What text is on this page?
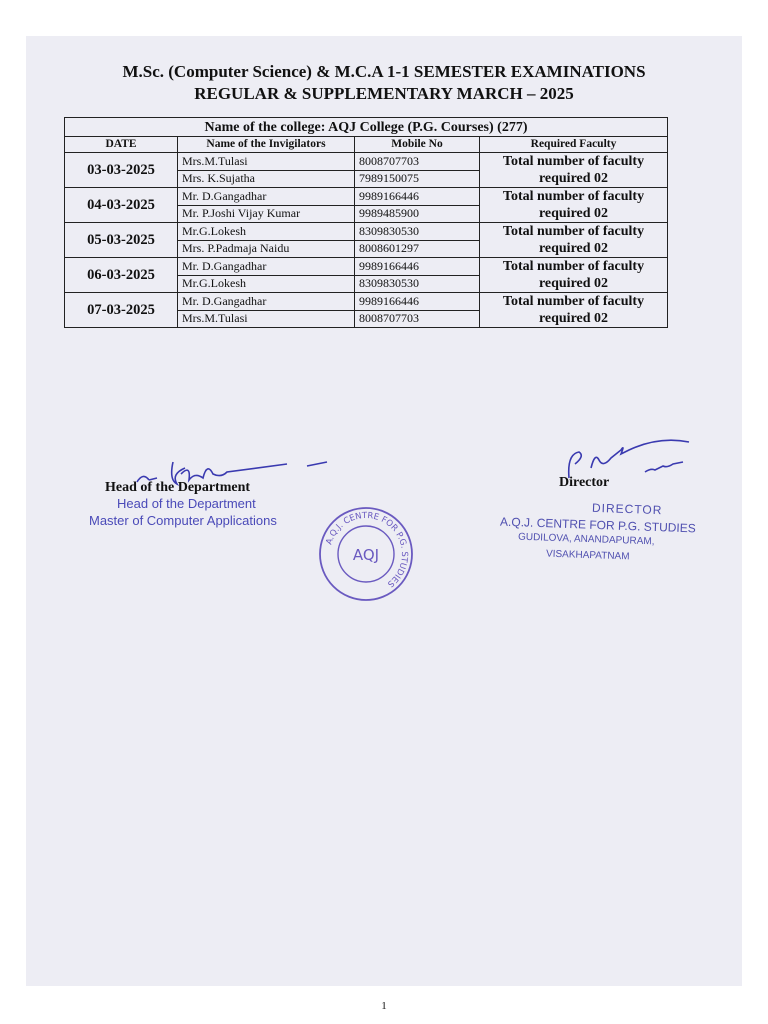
M.Sc. (Computer Science) & M.C.A 1-1 SEMESTER EXAMINATIONS
REGULAR & SUPPLEMENTARY MARCH – 2025
Name of the college: AQJ College (P.G. Courses) (277)			
DATE	Name of the Invigilators	Mobile No	Required Faculty
03-03-2025	Mrs.M.Tulasi	8008707703	Total number of faculty
required 02

	Mrs. K.Sujatha	7989150075	
04-03-2025	Mr. D.Gangadhar	9989166446	Total number of faculty
required 02

	Mr. P.Joshi Vijay Kumar	9989485900	
05-03-2025	Mr.G.Lokesh	8309830530	Total number of faculty
required 02

	Mrs. P.Padmaja Naidu	8008601297	
06-03-2025	Mr. D.Gangadhar	9989166446	Total number of faculty
required 02

	Mr.G.Lokesh	8309830530	
07-03-2025	Mr. D.Gangadhar	9989166446	Total number of faculty
required 02

	Mrs.M.Tulasi	8008707703	
Head of the Department
Head of the Department
Master of Computer Applications
Director
DIRECTOR
A.Q.J. CENTRE FOR P.G. STUDIES
GUDILOVA, ANANDAPURAM,
VISAKHAPATNAM
A.Q.J. CENTRE FOR P.G. STUDIES
AQJ
1
